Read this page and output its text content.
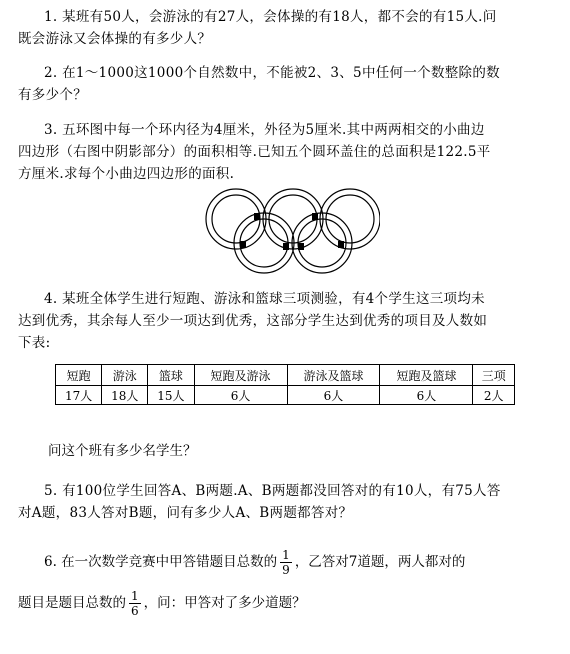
1. 某班有50人，会游泳的有27人，会体操的有18人，都不会的有15人.问
既会游泳又会体操的有多少人？
2. 在1～1000这1000个自然数中，不能被2、3、5中任何一个数整除的数
有多少个？
3. 五环图中每一个环内径为4厘米，外径为5厘米.其中两两相交的小曲边
四边形（右图中阴影部分）的面积相等.已知五个圆环盖住的总面积是122.5平
方厘米.求每个小曲边四边形的面积.
4. 某班全体学生进行短跑、游泳和篮球三项测验，有4个学生这三项均未
达到优秀，其余每人至少一项达到优秀，这部分学生达到优秀的项目及人数如
下表:
短跑	游泳	篮球	短跑及游泳	游泳及篮球	短跑及篮球	三项
17人	18人	15人	6人	6人	6人	2人
问这个班有多少名学生？
5. 有100位学生回答A、B两题.A、B两题都没回答对的有10人，有75人答
对A题，83人答对B题，问有多少人A、B两题都答对？
6. 在一次数学竞赛中甲答错题目总数的 $\frac{1}{9}$ ，乙答对7道题，两人都对的
题目是题目总数的 $\frac{1}{6}$ ，问：甲答对了多少道题？
